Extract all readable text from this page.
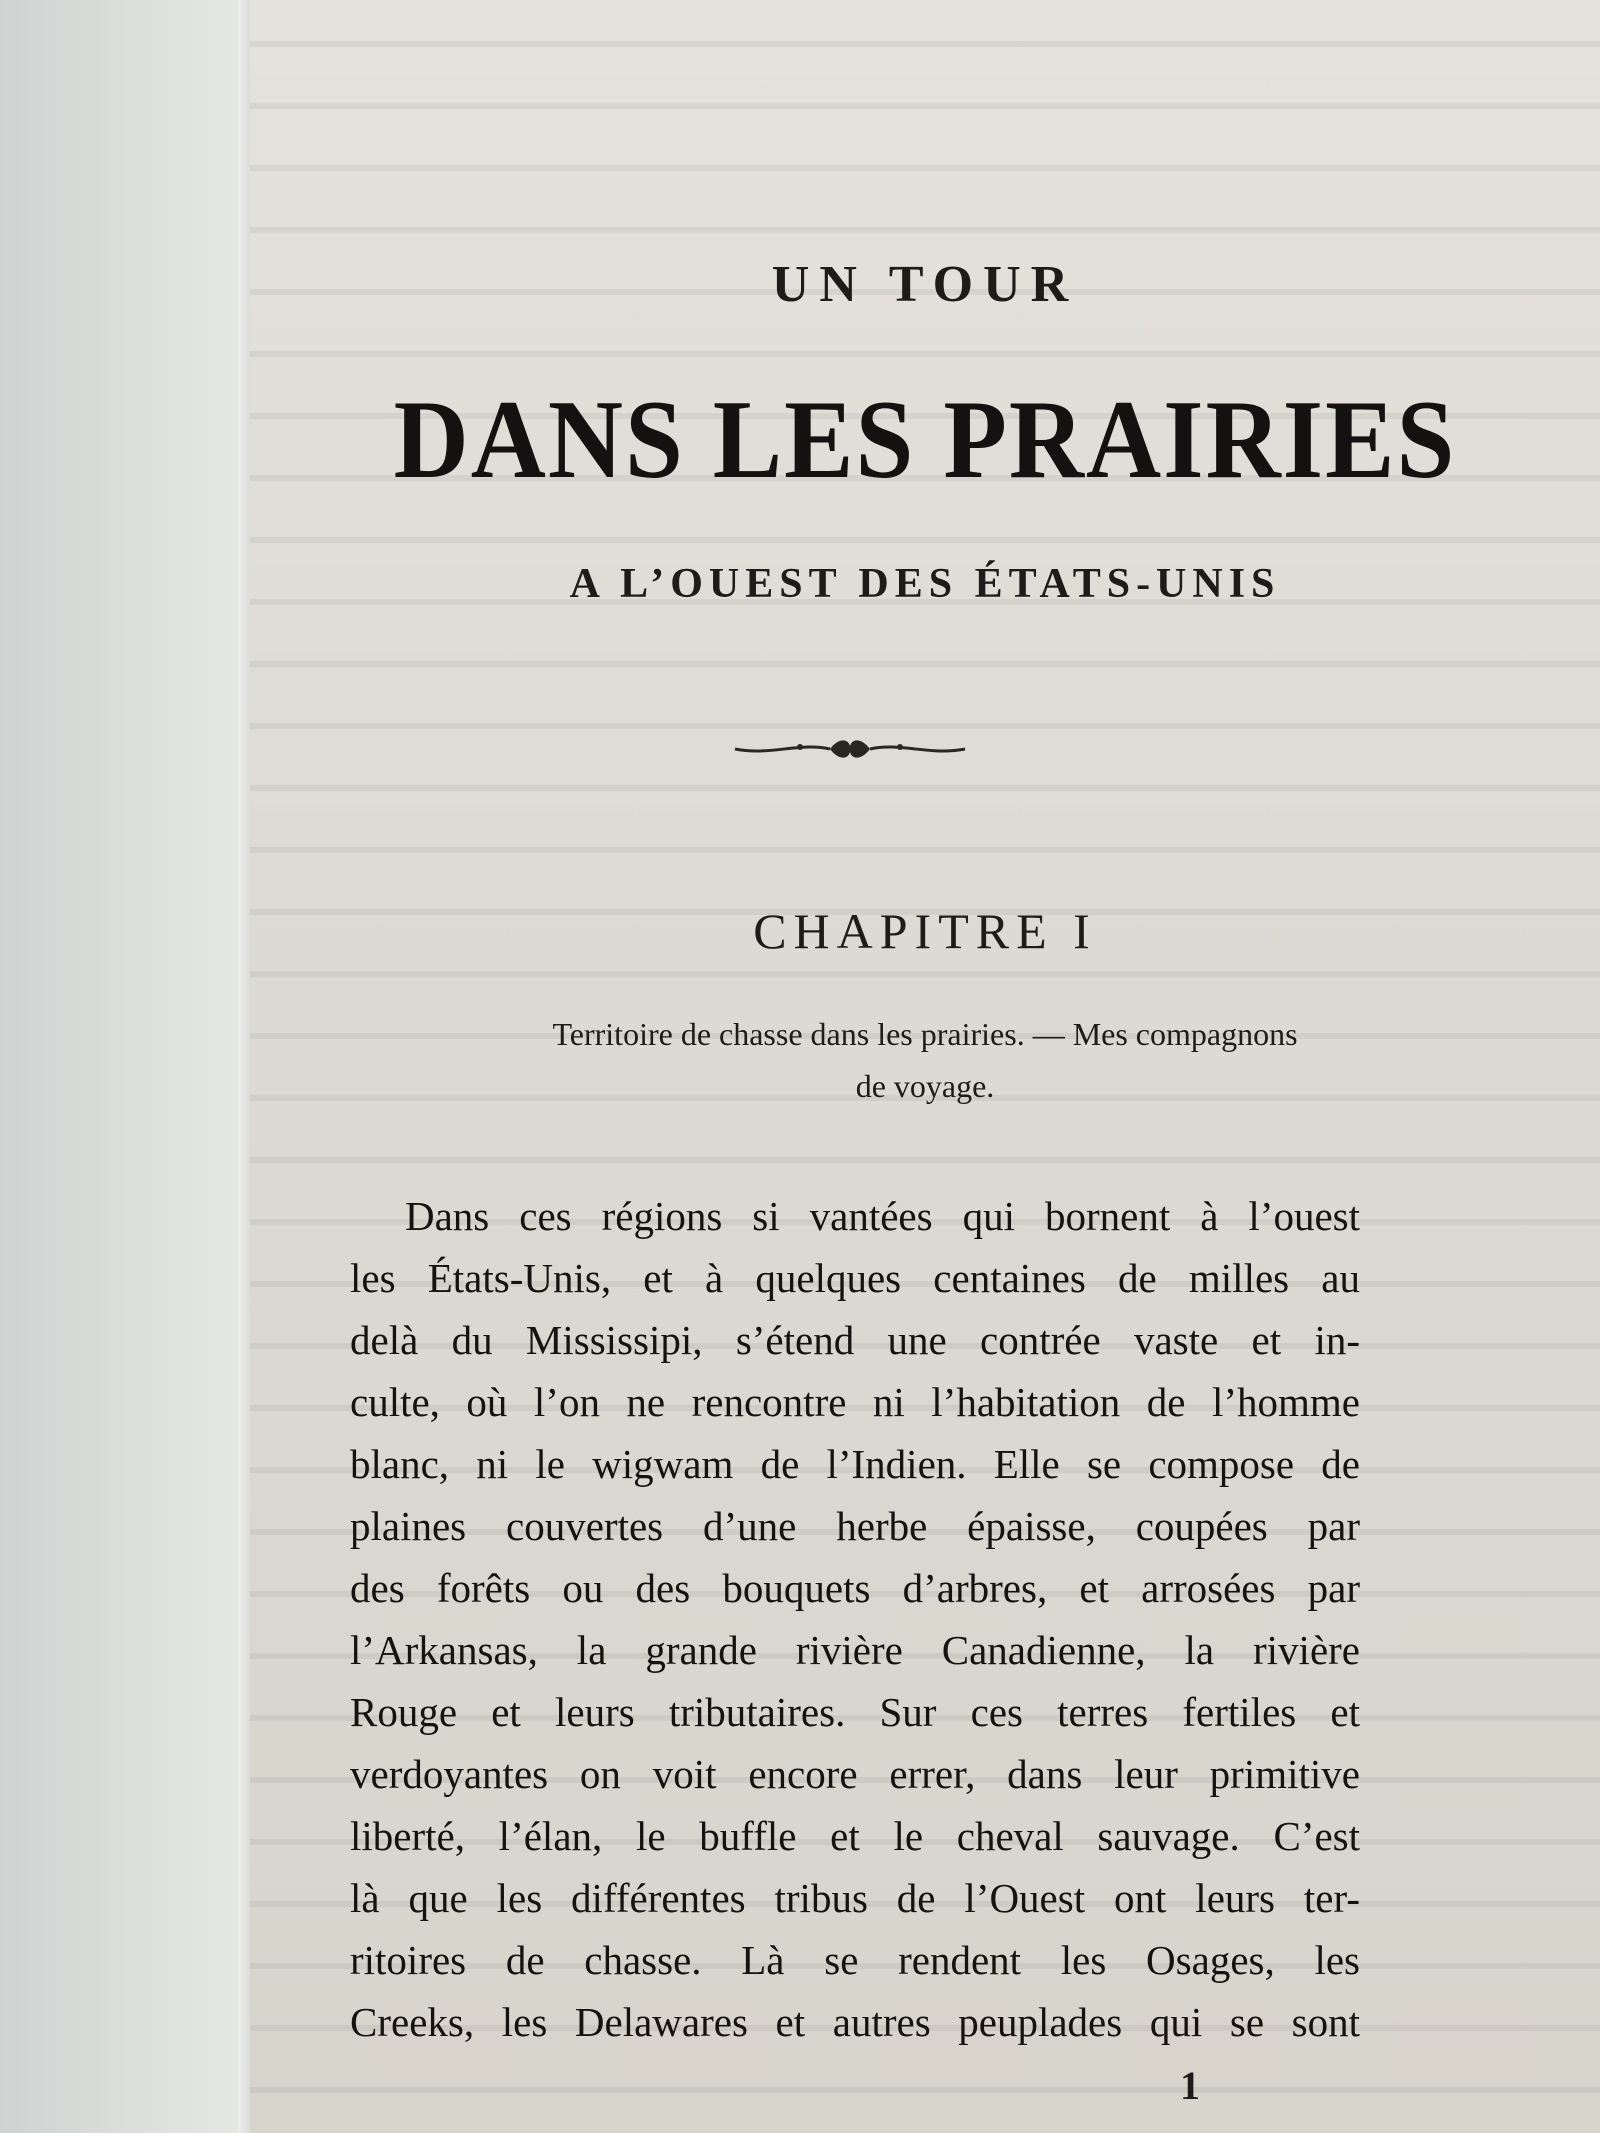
UN TOUR
DANS LES PRAIRIES
A L’OUEST DES ÉTATS-UNIS
CHAPITRE I
Territoire de chasse dans les prairies. — Mes compagnons
de voyage.
Dans ces régions si vantées qui bornent à l’ouest
les États-Unis, et à quelques centaines de milles au
delà du Mississipi, s’étend une contrée vaste et in-
culte, où l’on ne rencontre ni l’habitation de l’homme
blanc, ni le wigwam de l’Indien. Elle se compose de
plaines couvertes d’une herbe épaisse, coupées par
des forêts ou des bouquets d’arbres, et arrosées par
l’Arkansas, la grande rivière Canadienne, la rivière
Rouge et leurs tributaires. Sur ces terres fertiles et
verdoyantes on voit encore errer, dans leur primitive
liberté, l’élan, le buffle et le cheval sauvage. C’est
là que les différentes tribus de l’Ouest ont leurs ter-
ritoires de chasse. Là se rendent les Osages, les
Creeks, les Delawares et autres peuplades qui se sont
1
